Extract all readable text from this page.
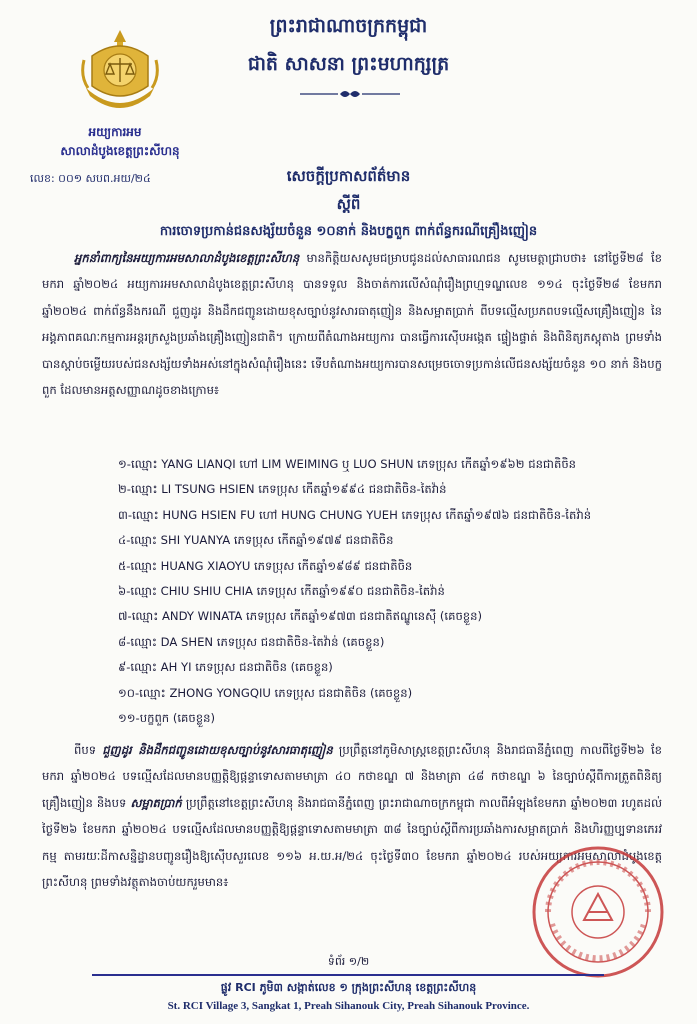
ព្រះរាជាណាចក្រកម្ពុជា
ជាតិ សាសនា ព្រះមហាក្សត្រ
អយ្យការអម
សាលាដំបូងខេត្តព្រះសីហនុ
លេខ: ០០១ សបព.អយ/២៤	សេចក្តីប្រកាសព័ត៌មាន
ស្តីពី
ការចោទប្រកាន់ជនសង្ស័យចំនួន ១០នាក់ និងបក្ខពួក ពាក់ព័ន្ធករណីគ្រឿងញៀន
អ្នកនាំពាក្យនៃអយ្យការអមសាលាដំបូងខេត្តព្រះសីហនុ មានកិត្តិយសសូមជម្រាបជូនដល់សាធារណជន សូមមេត្តាជ្រាបថា៖ នៅថ្ងៃទី២៨ ខែមករា ឆ្នាំ២០២៤ អយ្យការអមសាលាដំបូងខេត្តព្រះសីហនុ បានទទួល និងចាត់ការលើសំណុំរឿងព្រហ្មទណ្ឌលេខ ១១៤ ចុះថ្ងៃទី២៨ ខែមករា ឆ្នាំ២០២៤ ពាក់ព័ន្ធនឹងករណី ជួញដូរ និងដឹកជញ្ជូនដោយខុសច្បាប់នូវសារធាតុញៀន និងសម្អាតប្រាក់ ពីបទល្មើសប្រភពបទល្មើសគ្រឿងញៀន នៃអង្គភាពគណៈកម្មការអន្តរក្រសួងប្រឆាំងគ្រឿងញៀនជាតិ។ ក្រោយពីតំណាងអយ្យការ បានធ្វើការស៊ើបអង្កេត ផ្ទៀងផ្ទាត់ និងពិនិត្យភស្តុតាង ព្រមទាំងបានស្តាប់ចម្លើយរបស់ជនសង្ស័យទាំងអស់នៅក្នុងសំណុំរឿងនេះ ទើបតំណាងអយ្យការបានសម្រេចចោទប្រកាន់លើជនសង្ស័យចំនួន ១០ នាក់ និងបក្ខពួក ដែលមានអត្តសញ្ញាណដូចខាងក្រោម៖
១-ឈ្មោះ YANG LIANQI ហៅ LIM WEIMING ឬ LUO SHUN ភេទប្រុស កើតឆ្នាំ១៩៦២ ជនជាតិចិន
២-ឈ្មោះ LI TSUNG HSIEN ភេទប្រុស កើតឆ្នាំ១៩៩៤ ជនជាតិចិន-តៃវ៉ាន់
៣-ឈ្មោះ HUNG HSIEN FU ហៅ HUNG CHUNG YUEH ភេទប្រុស កើតឆ្នាំ១៩៧៦ ជនជាតិចិន-តៃវ៉ាន់
៤-ឈ្មោះ SHI YUANYA ភេទប្រុស កើតឆ្នាំ១៩៧៩ ជនជាតិចិន
៥-ឈ្មោះ HUANG XIAOYU ភេទប្រុស កើតឆ្នាំ១៩៨៩ ជនជាតិចិន
៦-ឈ្មោះ CHIU SHIU CHIA ភេទប្រុស កើតឆ្នាំ១៩៩០ ជនជាតិចិន-តៃវ៉ាន់
៧-ឈ្មោះ ANDY WINATA ភេទប្រុស កើតឆ្នាំ១៩៧៣ ជនជាតិឥណ្ឌូនេស៊ី (គេចខ្លួន)
៨-ឈ្មោះ DA SHEN ភេទប្រុស ជនជាតិចិន-តៃវ៉ាន់ (គេចខ្លួន)
៩-ឈ្មោះ AH YI ភេទប្រុស ជនជាតិចិន (គេចខ្លួន)
១០-ឈ្មោះ ZHONG YONGQIU ភេទប្រុស ជនជាតិចិន (គេចខ្លួន)
១១-បក្ខពួក (គេចខ្លួន)
ពីបទ ជួញដូរ និងដឹកជញ្ជូនដោយខុសច្បាប់នូវសារធាតុញៀន ប្រព្រឹត្តនៅភូមិសាស្ត្រខេត្តព្រះសីហនុ និងរាជធានីភ្នំពេញ កាលពីថ្ងៃទី២៦ ខែមករា ឆ្នាំ២០២៤ បទល្មើសដែលមានបញ្ញត្តិឱ្យផ្តន្ទាទោសតាមមាត្រា ៤០ កថាខណ្ឌ ៧ និងមាត្រា ៤៨ កថាខណ្ឌ ៦ នៃច្បាប់ស្តីពីការត្រួតពិនិត្យគ្រឿងញៀន និងបទ សម្អាតប្រាក់ ប្រព្រឹត្តនៅខេត្តព្រះសីហនុ និងរាជធានីភ្នំពេញ ព្រះរាជាណាចក្រកម្ពុជា កាលពីអំឡុងខែមករា ឆ្នាំ២០២៣ រហូតដល់ថ្ងៃទី២៦ ខែមករា ឆ្នាំ២០២៤ បទល្មើសដែលមានបញ្ញត្តិឱ្យផ្តន្ទាទោសតាមមាត្រា ៣៨ នៃច្បាប់ស្តីពីការប្រឆាំងការសម្អាតប្រាក់ និងហិរញ្ញប្បទានភេរវកម្ម តាមរយៈដីកាសន្និដ្ឋានបញ្ជូនរឿងឱ្យស៊ើបសួរលេខ ១១៦ អ.យ.អ/២៤ ចុះថ្ងៃទី៣០ ខែមករា ឆ្នាំ២០២៤ របស់អយ្យការអមសាលាដំបូងខេត្តព្រះសីហនុ ព្រមទាំងវត្ថុតាងចាប់យករួមមាន៖
ទំព័រ ១/២
ផ្លូវ RCI ភូមិ៣ សង្កាត់លេខ ១ ក្រុងព្រះសីហនុ ខេត្តព្រះសីហនុ
St. RCI Village 3, Sangkat 1, Preah Sihanouk City, Preah Sihanouk Province.
